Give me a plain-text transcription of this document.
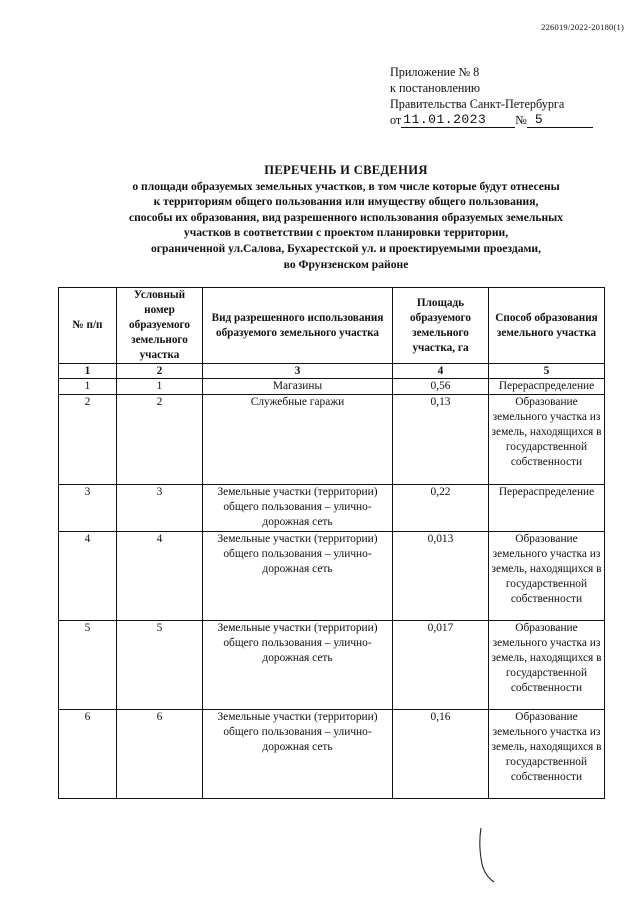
226019/2022-20180(1)
Приложение № 8
к постановлению
Правительства Санкт-Петербурга
от 11.01.2023	№ 5
ПЕРЕЧЕНЬ И СВЕДЕНИЯ
о площади образуемых земельных участков, в том числе которые будут отнесены
к территориям общего пользования или имуществу общего пользования,
способы их образования, вид разрешенного использования образуемых земельных
участков в соответствии с проектом планировки территории,
ограниченной ул.Салова, Бухарестской ул. и проектируемыми проездами,
во Фрунзенском районе
№ п/п	Условный номер образуемого земельного участка	Вид разрешенного использования образуемого земельного участка	Площадь образуемого земельного участка, га	Способ образования земельного участка
1	2	3	4	5
1	1	Магазины	0,56	Перераспределение
2	2	Служебные гаражи	0,13	Образование земельного участка из земель, находящихся в государственной собственности
3	3	Земельные участки (территории) общего пользования – улично-дорожная сеть	0,22	Перераспределение
4	4	Земельные участки (территории) общего пользования – улично-дорожная сеть	0,013	Образование земельного участка из земель, находящихся в государственной собственности
5	5	Земельные участки (территории) общего пользования – улично-дорожная сеть	0,017	Образование земельного участка из земель, находящихся в государственной собственности
6	6	Земельные участки (территории) общего пользования – улично-дорожная сеть	0,16	Образование земельного участка из земель, находящихся в государственной собственности
